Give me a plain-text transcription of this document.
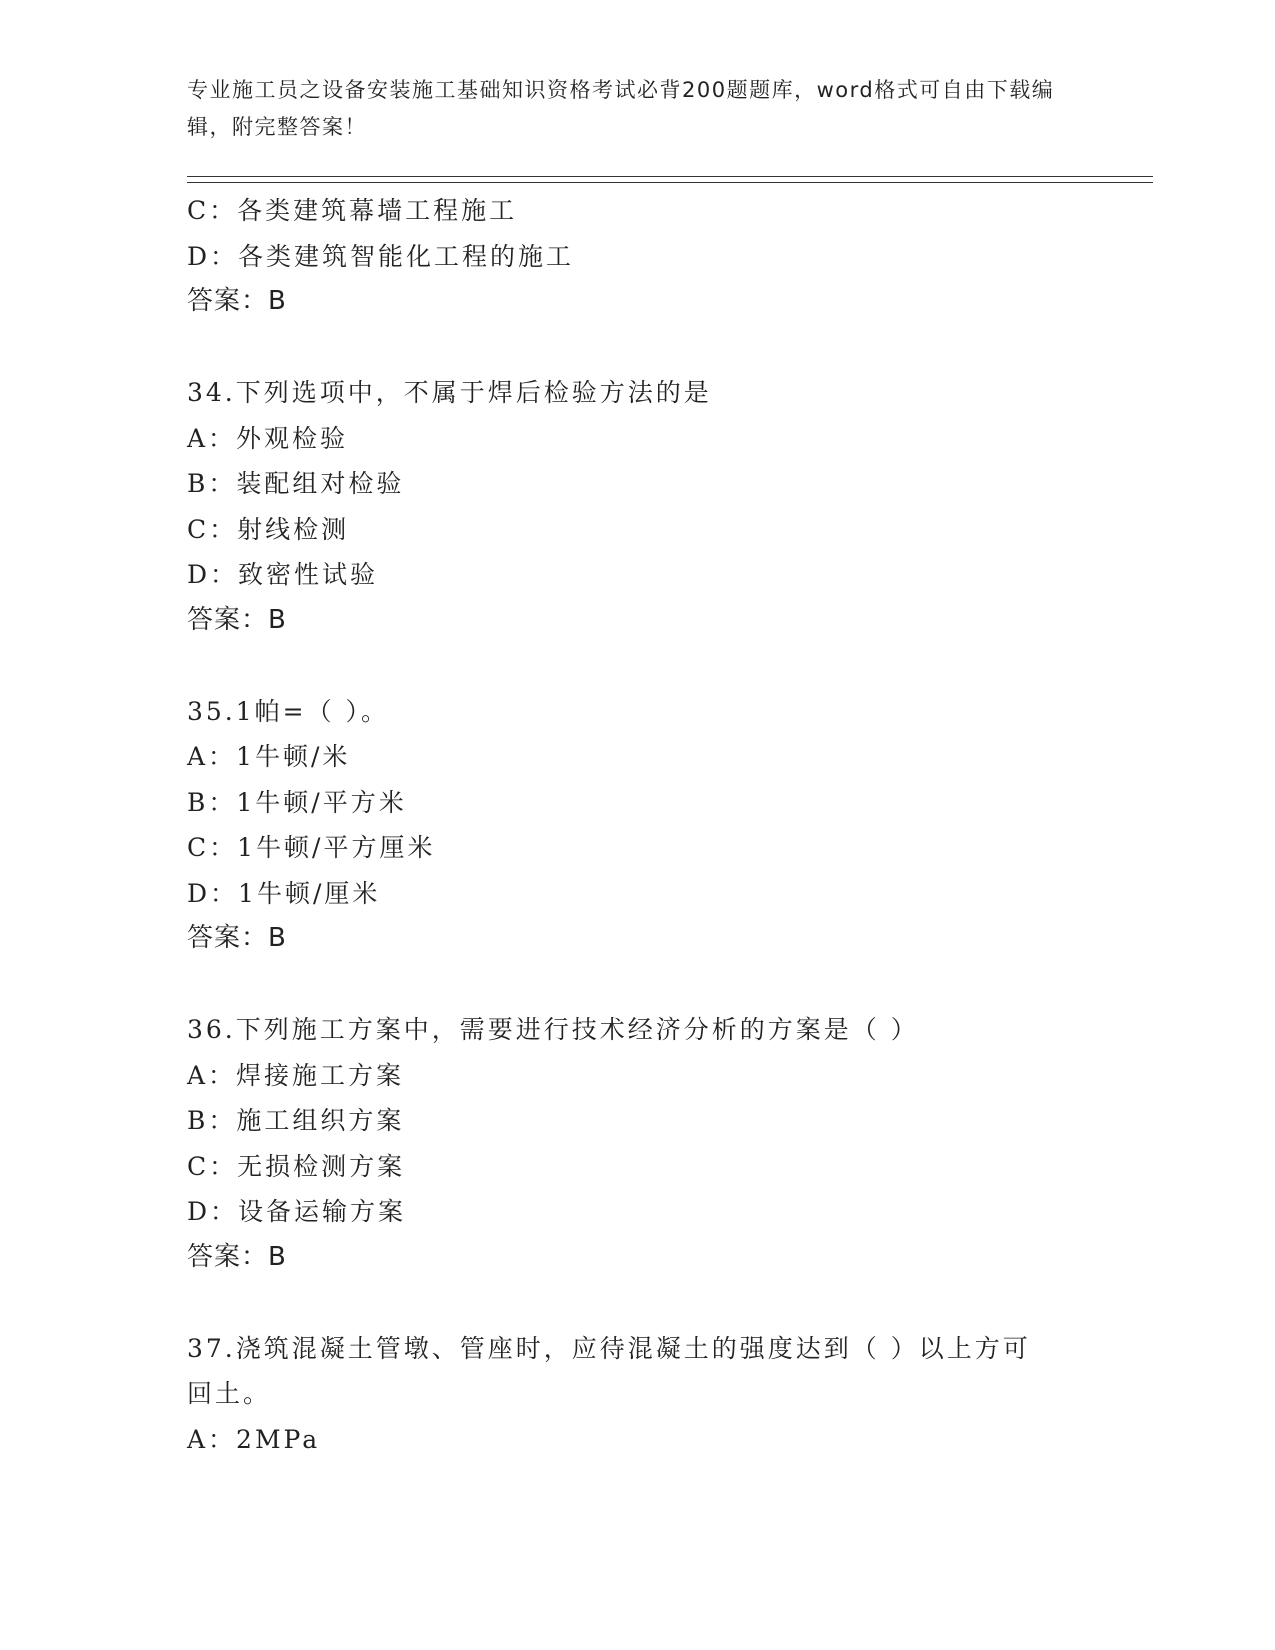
专业施工员之设备安装施工基础知识资格考试必背200题题库，word格式可自由下载编辑，附完整答案！
C：各类建筑幕墙工程施工
D：各类建筑智能化工程的施工
答案：B
34.下列选项中，不属于焊后检验方法的是
A：外观检验
B：装配组对检验
C：射线检测
D：致密性试验
答案：B
35.1帕=（ ）。
A：1牛顿/米
B：1牛顿/平方米
C：1牛顿/平方厘米
D：1牛顿/厘米
答案：B
36.下列施工方案中，需要进行技术经济分析的方案是（ ）
A：焊接施工方案
B：施工组织方案
C：无损检测方案
D：设备运输方案
答案：B
37.浇筑混凝土管墩、管座时，应待混凝土的强度达到（ ）以上方可
回土。
A：2MPa
